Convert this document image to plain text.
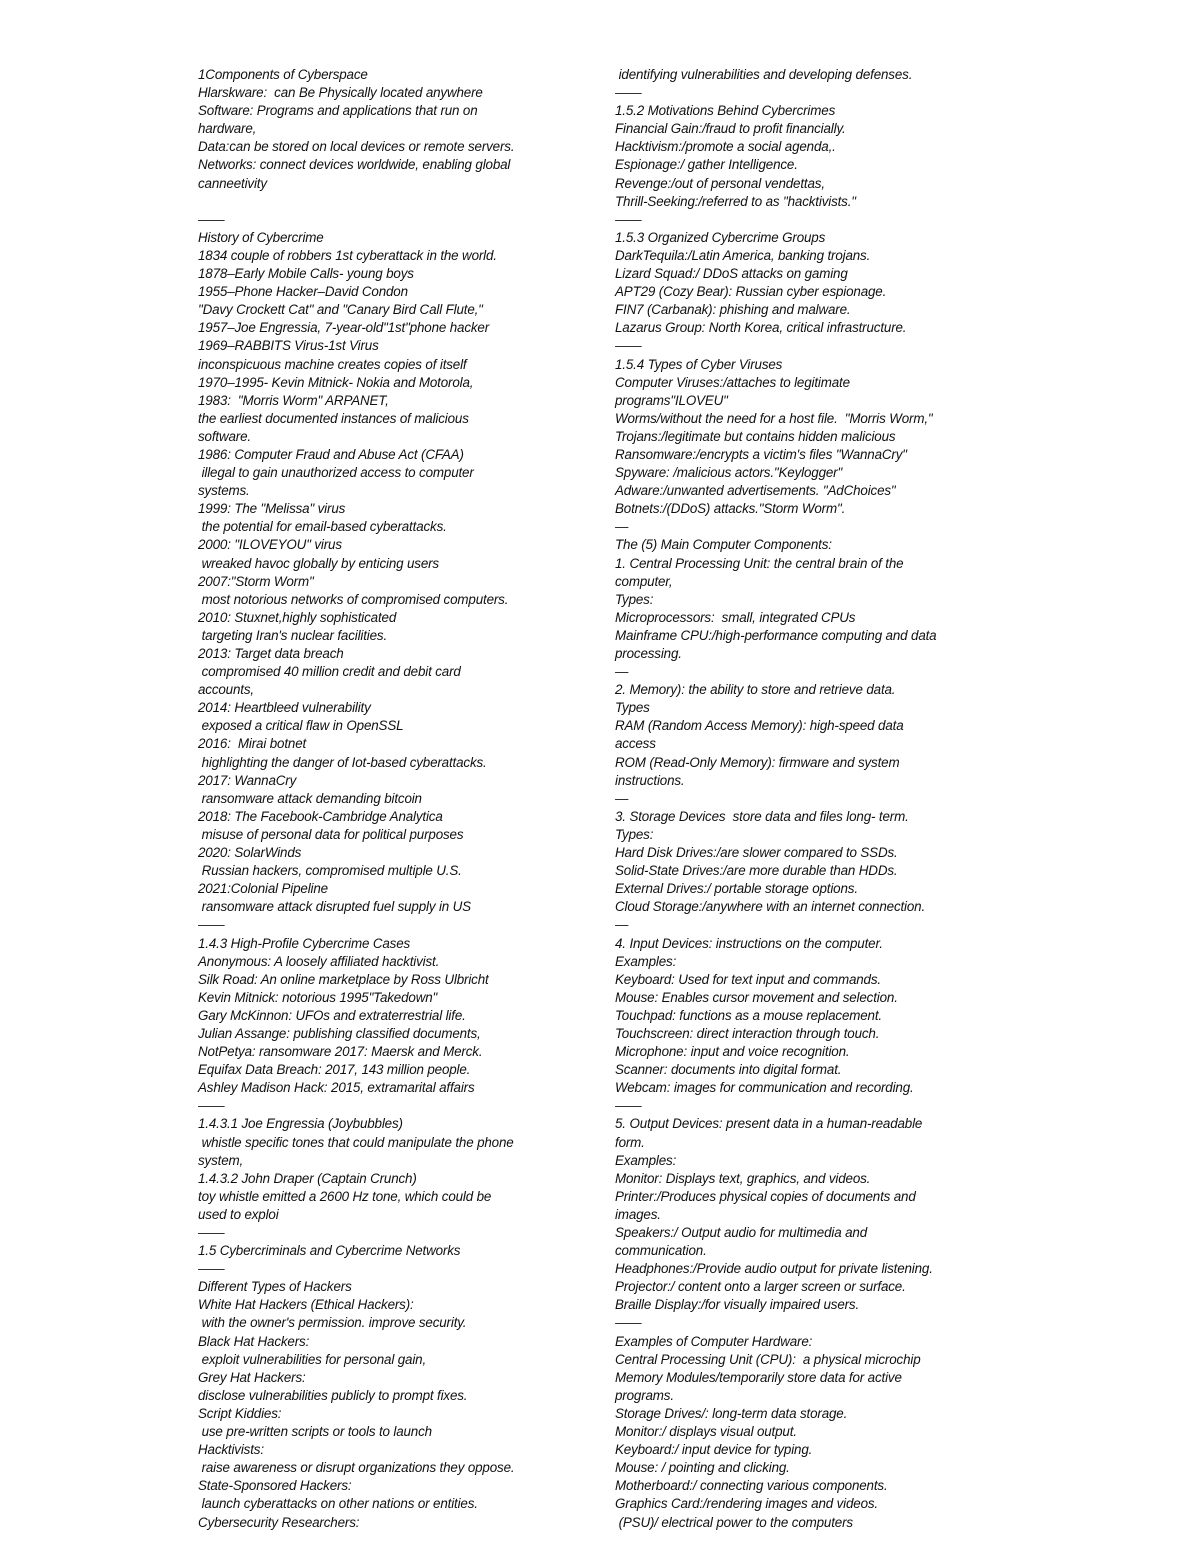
1Components of Cyberspace
Hlarskware:  can Be Physically located anywhere
Software: Programs and applications that run on
hardware,
Data:can be stored on local devices or remote servers.
Networks: connect devices worldwide, enabling global
canneetivity
——
History of Cybercrime
1834 couple of robbers 1st cyberattack in the world.
1878–Early Mobile Calls- young boys
1955–Phone Hacker–David Condon
"Davy Crockett Cat" and "Canary Bird Call Flute,"
1957–Joe Engressia, 7-year-old"1st"phone hacker
1969–RABBITS Virus-1st Virus
inconspicuous machine creates copies of itself
1970–1995- Kevin Mitnick- Nokia and Motorola,
1983:  "Morris Worm" ARPANET,
the earliest documented instances of malicious
software.
1986: Computer Fraud and Abuse Act (CFAA)
illegal to gain unauthorized access to computer
systems.
1999: The "Melissa" virus
the potential for email-based cyberattacks.
2000: "ILOVEYOU" virus
wreaked havoc globally by enticing users
2007:"Storm Worm"
most notorious networks of compromised computers.
2010: Stuxnet,highly sophisticated
targeting Iran's nuclear facilities.
2013: Target data breach
compromised 40 million credit and debit card
accounts,
2014: Heartbleed vulnerability
exposed a critical flaw in OpenSSL
2016:  Mirai botnet
highlighting the danger of Iot-based cyberattacks.
2017: WannaCry
ransomware attack demanding bitcoin
2018: The Facebook-Cambridge Analytica
misuse of personal data for political purposes
2020: SolarWinds
Russian hackers, compromised multiple U.S.
2021:Colonial Pipeline
ransomware attack disrupted fuel supply in US
——
1.4.3 High-Profile Cybercrime Cases
Anonymous: A loosely affiliated hacktivist.
Silk Road: An online marketplace by Ross Ulbricht
Kevin Mitnick: notorious 1995"Takedown"
Gary McKinnon: UFOs and extraterrestrial life.
Julian Assange: publishing classified documents,
NotPetya: ransomware 2017: Maersk and Merck.
Equifax Data Breach: 2017, 143 million people.
Ashley Madison Hack: 2015, extramarital affairs
——
1.4.3.1 Joe Engressia (Joybubbles)
whistle specific tones that could manipulate the phone
system,
1.4.3.2 John Draper (Captain Crunch)
toy whistle emitted a 2600 Hz tone, which could be
used to exploi
——
1.5 Cybercriminals and Cybercrime Networks
——
Different Types of Hackers
White Hat Hackers (Ethical Hackers):
with the owner's permission. improve security.
Black Hat Hackers:
exploit vulnerabilities for personal gain,
Grey Hat Hackers:
disclose vulnerabilities publicly to prompt fixes.
Script Kiddies:
use pre-written scripts or tools to launch
Hacktivists:
raise awareness or disrupt organizations they oppose.
State-Sponsored Hackers:
launch cyberattacks on other nations or entities.
Cybersecurity Researchers:
identifying vulnerabilities and developing defenses.
——
1.5.2 Motivations Behind Cybercrimes
Financial Gain:/fraud to profit financially.
Hacktivism:/promote a social agenda,.
Espionage:/ gather Intelligence.
Revenge:/out of personal vendettas,
Thrill-Seeking:/referred to as "hacktivists."
——
1.5.3 Organized Cybercrime Groups
DarkTequila:/Latin America, banking trojans.
Lizard Squad:/ DDoS attacks on gaming
APT29 (Cozy Bear): Russian cyber espionage.
FIN7 (Carbanak): phishing and malware.
Lazarus Group: North Korea, critical infrastructure.
——
1.5.4 Types of Cyber Viruses
Computer Viruses:/attaches to legitimate
programs"ILOVEU"
Worms/without the need for a host file.  "Morris Worm,"
Trojans:/legitimate but contains hidden malicious
Ransomware:/encrypts a victim's files "WannaCry"
Spyware: /malicious actors."Keylogger"
Adware:/unwanted advertisements. "AdChoices"
Botnets:/(DDoS) attacks."Storm Worm".
—
The (5) Main Computer Components:
1. Central Processing Unit: the central brain of the
computer,
Types:
Microprocessors:  small, integrated CPUs
Mainframe CPU:/high-performance computing and data
processing.
—
2. Memory): the ability to store and retrieve data.
Types
RAM (Random Access Memory): high-speed data
access
ROM (Read-Only Memory): firmware and system
instructions.
—
3. Storage Devices  store data and files long- term.
Types:
Hard Disk Drives:/are slower compared to SSDs.
Solid-State Drives:/are more durable than HDDs.
External Drives:/ portable storage options.
Cloud Storage:/anywhere with an internet connection.
—
4. Input Devices: instructions on the computer.
Examples:
Keyboard: Used for text input and commands.
Mouse: Enables cursor movement and selection.
Touchpad: functions as a mouse replacement.
Touchscreen: direct interaction through touch.
Microphone: input and voice recognition.
Scanner: documents into digital format.
Webcam: images for communication and recording.
——
5. Output Devices: present data in a human-readable
form.
Examples:
Monitor: Displays text, graphics, and videos.
Printer:/Produces physical copies of documents and
images.
Speakers:/ Output audio for multimedia and
communication.
Headphones:/Provide audio output for private listening.
Projector:/ content onto a larger screen or surface.
Braille Display:/for visually impaired users.
——
Examples of Computer Hardware:
Central Processing Unit (CPU):  a physical microchip
Memory Modules/temporarily store data for active
programs.
Storage Drives/: long-term data storage.
Monitor:/ displays visual output.
Keyboard:/ input device for typing.
Mouse: / pointing and clicking.
Motherboard:/ connecting various components.
Graphics Card:/rendering images and videos.
(PSU)/ electrical power to the computers
